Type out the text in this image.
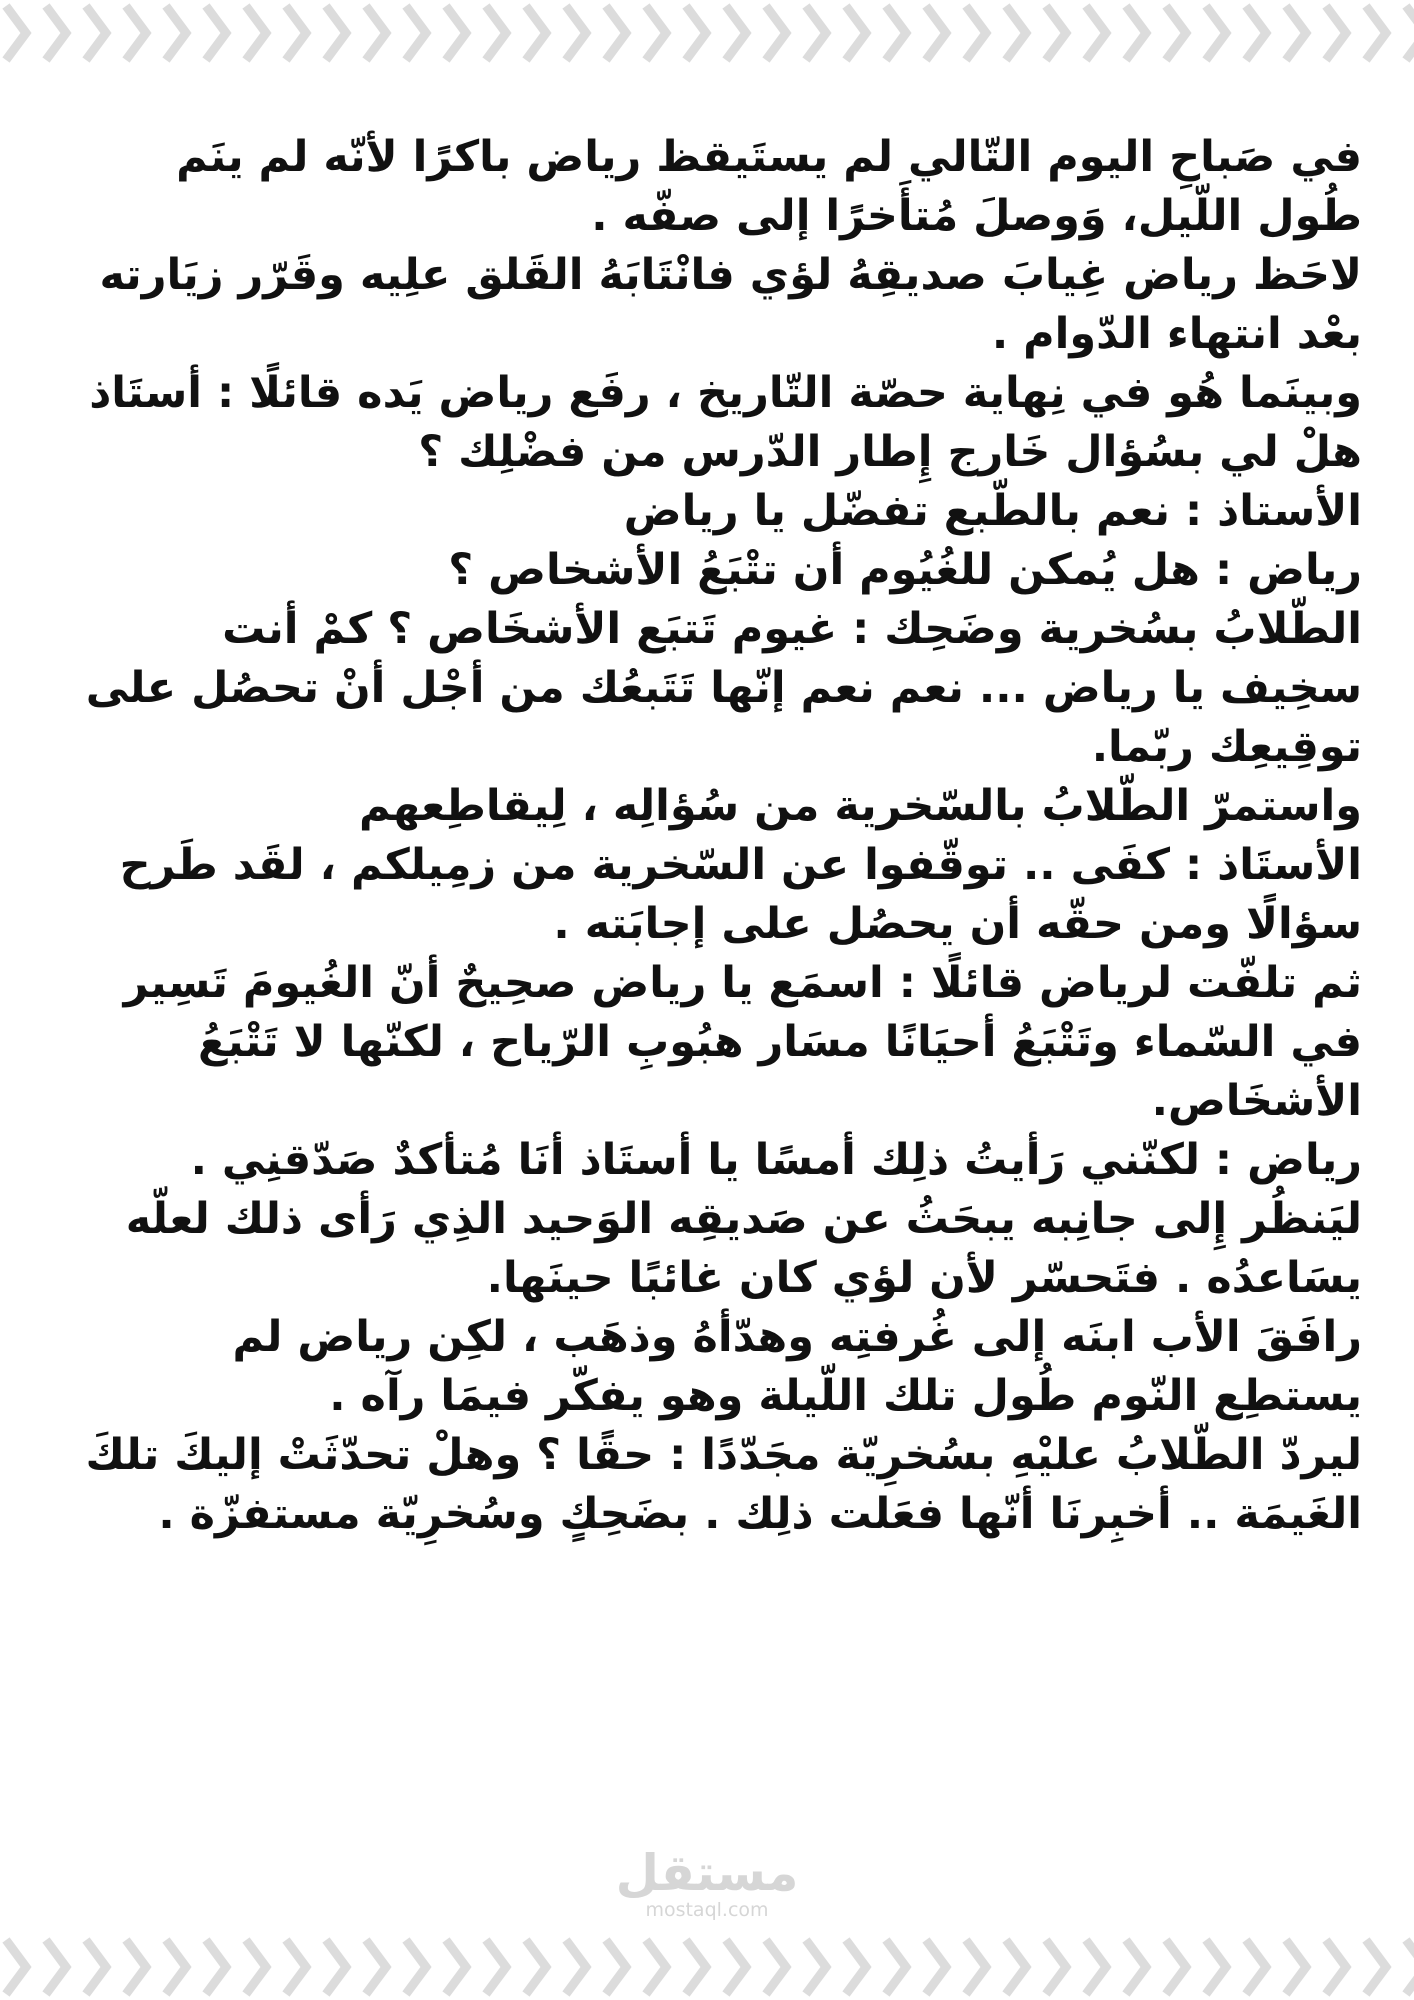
في صَباحِ اليوم التّالي لم يستَيقظ رياض باكرًا لأنّه لم ينَم طُول اللّيل، وَوصلَ مُتأَخرًا إلى صفّه .

لاحَظ رياض غِيابَ صديقِهُ لؤي فانْتَابَهُ القَلق علِيه وقَرّر زيَارته بعْد انتهاء الدّوام .

وبينَما هُو في نِهاية حصّة التّاريخ ، رفَع رياض يَده قائلًا : أستَاذ هلْ لي بسُؤال خَارج إِطار الدّرس من فضْلِك ؟

الأستاذ : نعم بالطّبع تفضّل يا رياض

رياض : هل يُمكن للغُيُوم أن تتْبَعُ الأشخاص ؟

الطّلابُ بسُخرية وضَحِك : غيوم تَتبَع الأشخَاص ؟ كمْ أنت سخِيف يا رياض ... نعم نعم إنّها تَتَبعُك من أجْل أنْ تحصُل على توقِيعِك ربّما.

واستمرّ الطّلابُ بالسّخرية من سُؤالِه ، لِيقاطِعهم

الأستَاذ : كفَى .. توقّفوا عن السّخرية من زمِيلكم ، لقَد طَرح سؤالًا ومن حقّه أن يحصُل على إجابَته .

ثم تلفّت لرياض قائلًا : اسمَع يا رياض صحِيحٌ أنّ الغُيومَ تَسِير في السّماء وتَتْبَعُ أحيَانًا مسَار هبُوبِ الرّياح ، لكنّها لا تَتْبَعُ الأشخَاص.

رياض : لكنّني رَأيتُ ذلِك أمسًا يا أستَاذ أنَا مُتأكدٌ صَدّقنِي . ليَنظُر إِلى جانِبه يبحَثُ عن صَديقِه الوَحيد الذِي رَأى ذلك لعلّه يسَاعدُه . فتَحسّر لأن لؤي كان غائبًا حينَها.

رافَقَ الأب ابنَه إلى غُرفتِه وهدّأهُ وذهَب ، لكِن رياض لم يستطِع النّوم طُول تلك اللّيلة وهو يفكّر فيمَا رآه .

ليردّ الطّلابُ عليْهِ بسُخرِيّة مجَدّدًا : حقًا ؟ وهلْ تحدّثَتْ إليكَ تلكَ الغَيمَة .. أخبِرنَا أنّها فعَلت ذلِك . بضَحِكٍ وسُخرِيّة مستفزّة .

مستقل
mostaql.com
